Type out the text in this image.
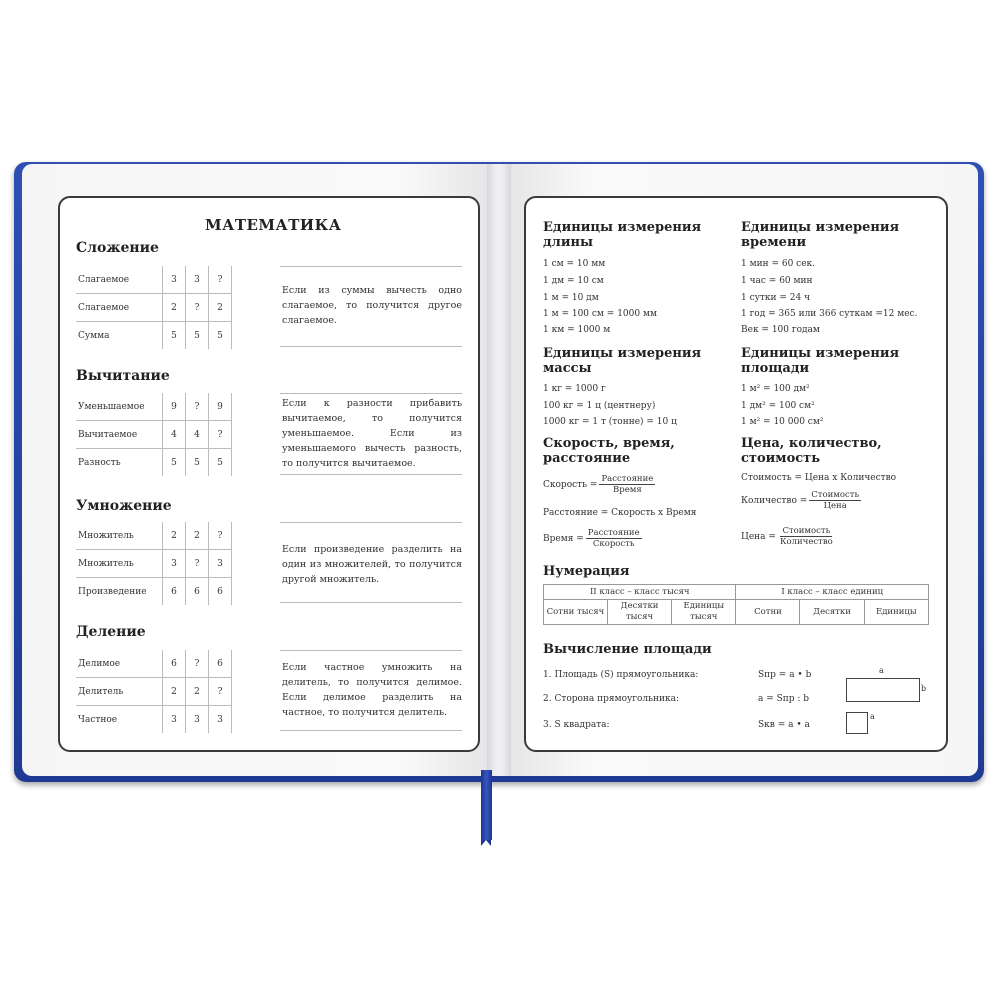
МАТЕМАТИКА
Сложение
Слагаемое	3	3	?
Слагаемое	2	?	2
Сумма	5	5	5
Если из суммы вычесть одно слагаемое, то получится другое слагаемое.
Вычитание
Уменьшаемое	9	?	9
Вычитаемое	4	4	?
Разность	5	5	5
Если к разности прибавить вычитаемое, то получится уменьшаемое. Если из уменьшаемого вычесть разность, то получится вычитаемое.
Умножение
Множитель	2	2	?
Множитель	3	?	3
Произведение	6	6	6
Если произведение разделить на один из множителей, то получится другой множитель.
Деление
Делимое	6	?	6
Делитель	2	2	?
Частное	3	3	3
Если частное умножить на делитель, то получится делимое. Если делимое разделить на частное, то получится делитель.
Единицы измерения длины
1 см = 10 мм
1 дм = 10 см
1 м = 10 дм
1 м = 100 см = 1000 мм
1 км = 1000 м
Единицы измерения времени
1 мин = 60 сек.
1 час = 60 мин
1 сутки = 24 ч
1 год = 365 или 366 суткам =12 мес.
Век = 100 годам
Единицы измерения массы
1 кг = 1000 г
100 кг = 1 ц (центнеру)
1000 кг = 1 т (тонне) = 10 ц
Единицы измерения площади
1 м² = 100 дм²
1 дм² = 100 см²
1 м² = 10 000 см²
Скорость, время, расстояние
Скорость = $\frac{\text{Расстояние}}{\text{Время}}$
Расстояние = Скорость х Время
Время = $\frac{\text{Расстояние}}{\text{Скорость}}$
Цена, количество, стоимость
Стоимость = Цена х Количество
Количество = $\frac{\text{Стоимость}}{\text{Цена}}$
Цена = $\frac{\text{Стоимость}}{\text{Количество}}$
Нумерация
II класс – класс тысяч			I класс – класс единиц		
Сотни тысяч	Десятки тысяч	Единицы тысяч	Сотни	Десятки	Единицы
Вычисление площади
1. Площадь (S) прямоугольника:	Sпр = a • b
2. Сторона прямоугольника:	a = Sпр : b
3. S квадрата:	Sкв = a • a
a
b
a
